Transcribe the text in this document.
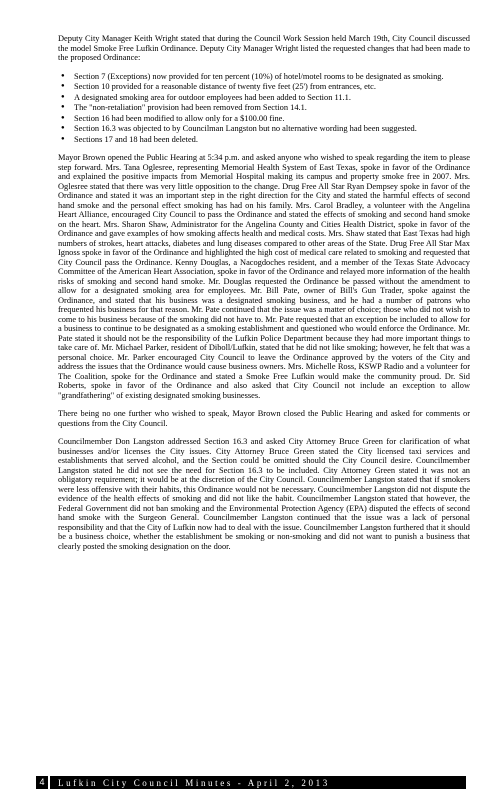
Deputy City Manager Keith Wright stated that during the Council Work Session held March 19th, City Council discussed the model Smoke Free Lufkin Ordinance. Deputy City Manager Wright listed the requested changes that had been made to the proposed Ordinance:

● Section 7 (Exceptions) now provided for ten percent (10%) of hotel/motel rooms to be designated as smoking.
● Section 10 provided for a reasonable distance of twenty five feet (25') from entrances, etc.
● A designated smoking area for outdoor employees had been added to Section 11.1.
● The "non-retaliation" provision had been removed from Section 14.1.
● Section 16 had been modified to allow only for a $100.00 fine.
● Section 16.3 was objected to by Councilman Langston but no alternative wording had been suggested.
● Sections 17 and 18 had been deleted.

Mayor Brown opened the Public Hearing at 5:34 p.m. and asked anyone who wished to speak regarding the item to please step forward. Mrs. Tana Oglesree, representing Memorial Health System of East Texas, spoke in favor of the Ordinance and explained the positive impacts from Memorial Hospital making its campus and property smoke free in 2007. Mrs. Oglesree stated that there was very little opposition to the change. Drug Free All Star Ryan Dempsey spoke in favor of the Ordinance and stated it was an important step in the right direction for the City and stated the harmful effects of second hand smoke and the personal effect smoking has had on his family. Mrs. Carol Bradley, a volunteer with the Angelina Heart Alliance, encouraged City Council to pass the Ordinance and stated the effects of smoking and second hand smoke on the heart. Mrs. Sharon Shaw, Administrator for the Angelina County and Cities Health District, spoke in favor of the Ordinance and gave examples of how smoking affects health and medical costs. Mrs. Shaw stated that East Texas had high numbers of strokes, heart attacks, diabetes and lung diseases compared to other areas of the State. Drug Free All Star Max Ignoss spoke in favor of the Ordinance and highlighted the high cost of medical care related to smoking and requested that City Council pass the Ordinance. Kenny Douglas, a Nacogdoches resident, and a member of the Texas State Advocacy Committee of the American Heart Association, spoke in favor of the Ordinance and relayed more information of the health risks of smoking and second hand smoke. Mr. Douglas requested the Ordinance be passed without the amendment to allow for a designated smoking area for employees. Mr. Bill Pate, owner of Bill's Gun Trader, spoke against the Ordinance, and stated that his business was a designated smoking business, and he had a number of patrons who frequented his business for that reason. Mr. Pate continued that the issue was a matter of choice; those who did not wish to come to his business because of the smoking did not have to. Mr. Pate requested that an exception be included to allow for a business to continue to be designated as a smoking establishment and questioned who would enforce the Ordinance. Mr. Pate stated it should not be the responsibility of the Lufkin Police Department because they had more important things to take care of. Mr. Michael Parker, resident of Diboll/Lufkin, stated that he did not like smoking; however, he felt that was a personal choice. Mr. Parker encouraged City Council to leave the Ordinance approved by the voters of the City and address the issues that the Ordinance would cause business owners. Mrs. Michelle Ross, KSWP Radio and a volunteer for The Coalition, spoke for the Ordinance and stated a Smoke Free Lufkin would make the community proud. Dr. Sid Roberts, spoke in favor of the Ordinance and also asked that City Council not include an exception to allow "grandfathering" of existing designated smoking businesses.

There being no one further who wished to speak, Mayor Brown closed the Public Hearing and asked for comments or questions from the City Council.

Councilmember Don Langston addressed Section 16.3 and asked City Attorney Bruce Green for clarification of what businesses and/or licenses the City issues. City Attorney Bruce Green stated the City licensed taxi services and establishments that served alcohol, and the Section could be omitted should the City Council desire. Councilmember Langston stated he did not see the need for Section 16.3 to be included. City Attorney Green stated it was not an obligatory requirement; it would be at the discretion of the City Council. Councilmember Langston stated that if smokers were less offensive with their habits, this Ordinance would not be necessary. Councilmember Langston did not dispute the evidence of the health effects of smoking and did not like the habit. Councilmember Langston stated that however, the Federal Government did not ban smoking and the Environmental Protection Agency (EPA) disputed the effects of second hand smoke with the Surgeon General. Councilmember Langston continued that the issue was a lack of personal responsibility and that the City of Lufkin now had to deal with the issue. Councilmember Langston furthered that it should be a business choice, whether the establishment be smoking or non-smoking and did not want to punish a business that clearly posted the smoking designation on the door.

4	Lufkin City Council Minutes - April 2, 2013
